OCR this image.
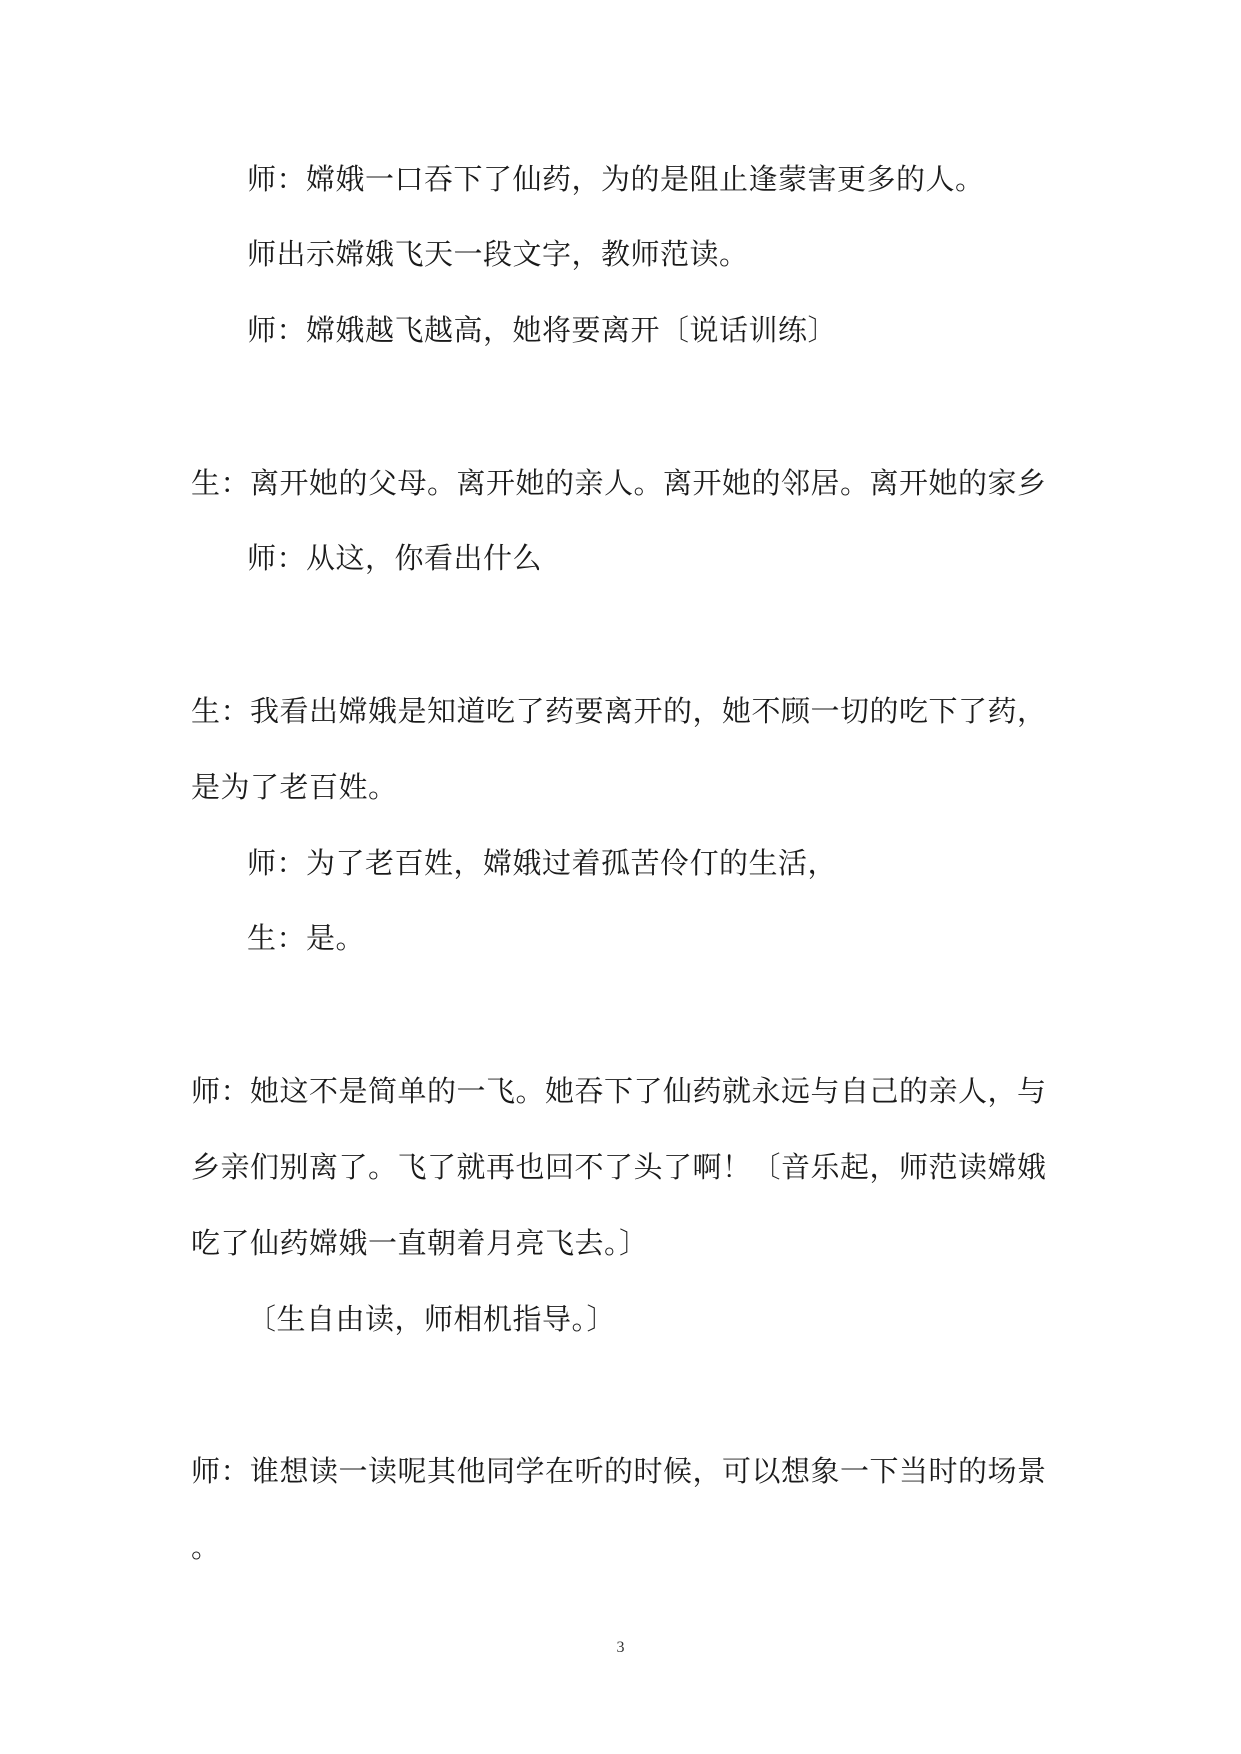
师：嫦娥一口吞下了仙药，为的是阻止逢蒙害更多的人。
师出示嫦娥飞天一段文字，教师范读。
师：嫦娥越飞越高，她将要离开〔说话训练〕
生：离开她的父母。离开她的亲人。离开她的邻居。离开她的家乡
师：从这，你看出什么
生：我看出嫦娥是知道吃了药要离开的，她不顾一切的吃下了药，
是为了老百姓。
师：为了老百姓，嫦娥过着孤苦伶仃的生活，
生：是。
师：她这不是简单的一飞。她吞下了仙药就永远与自己的亲人，与
乡亲们别离了。飞了就再也回不了头了啊！〔音乐起，师范读嫦娥
吃了仙药嫦娥一直朝着月亮飞去。〕
〔生自由读，师相机指导。〕
师：谁想读一读呢其他同学在听的时候，可以想象一下当时的场景
。
3
